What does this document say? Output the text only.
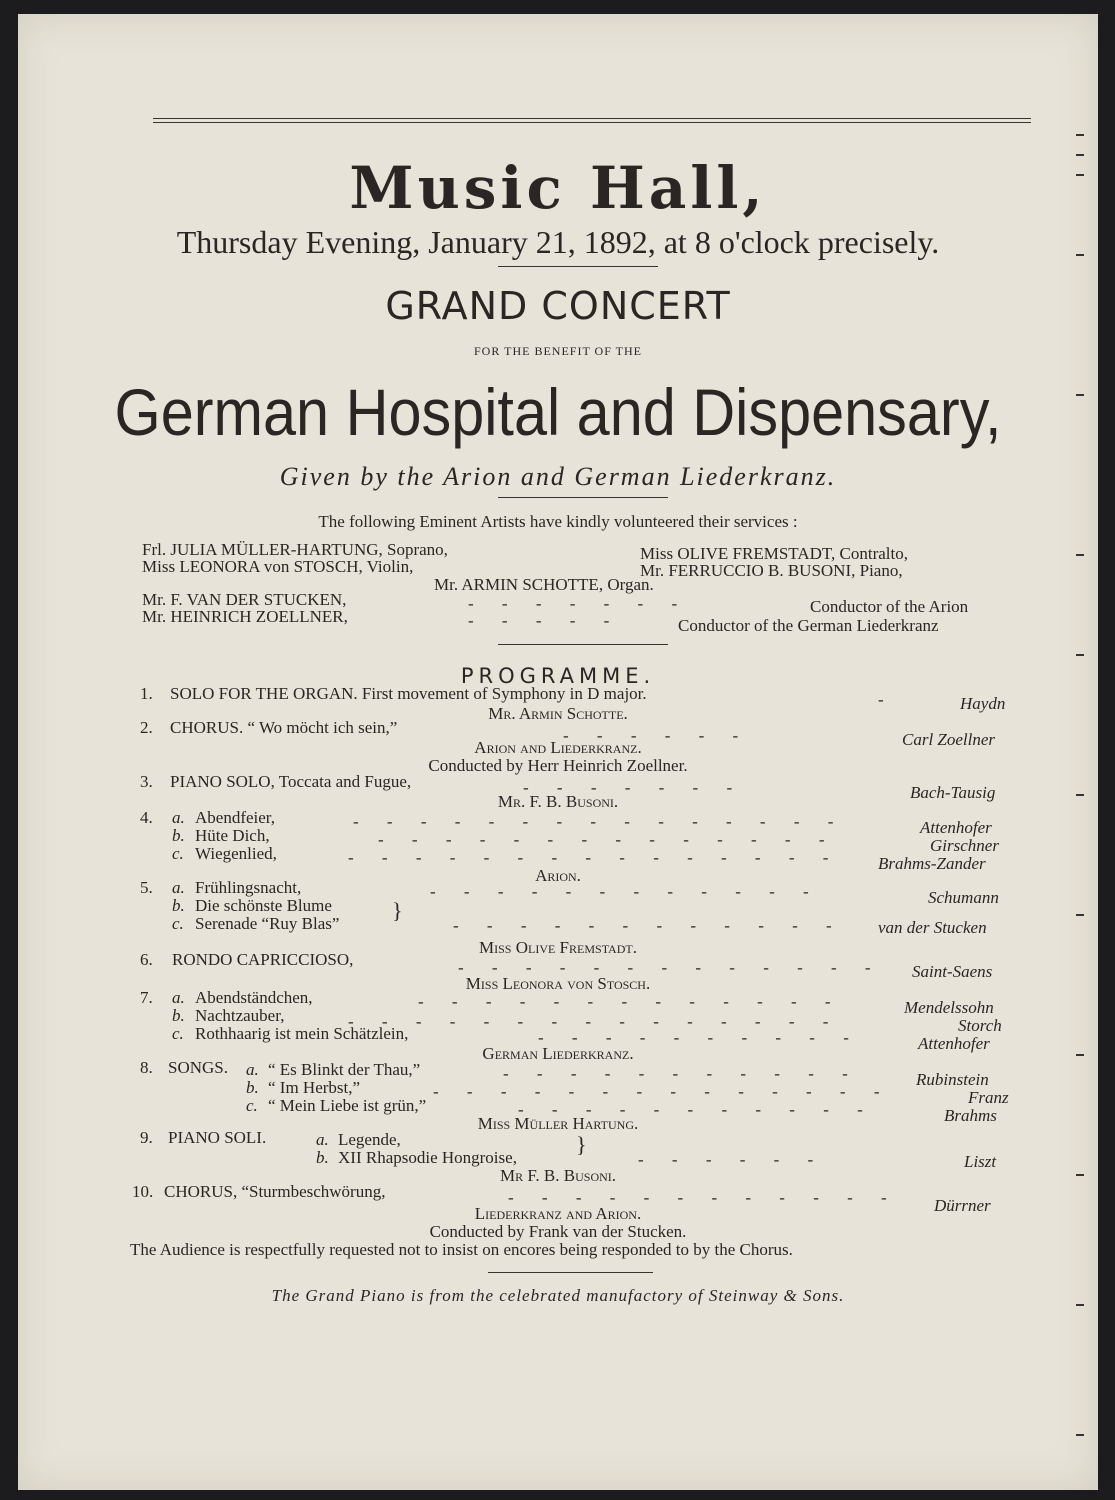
Music Hall,
Thursday Evening, January 21, 1892, at 8 o'clock precisely.
GRAND CONCERT
FOR THE BENEFIT OF THE
German Hospital and Dispensary,
Given by the Arion and German Liederkranz.
The following Eminent Artists have kindly volunteered their services :
Frl. JULIA MÜLLER-HARTUNG, Soprano,	Miss OLIVE FREMSTADT, Contralto,
Miss LEONORA von STOSCH, Violin,	Mr. FERRUCCIO B. BUSONI, Piano,
Mr. ARMIN SCHOTTE, Organ.
Mr. F. VAN DER STUCKEN,	- - - - - - -	Conductor of the Arion
Mr. HEINRICH ZOELLNER,	- - - - -	Conductor of the German Liederkranz
PROGRAMME.
1. SOLO FOR THE ORGAN. First movement of Symphony in D major.	-	Haydn
Mr. Armin Schotte.
2. CHORUS. “ Wo möcht ich sein,”	- - - - - -	Carl Zoellner
Arion and Liederkranz.
Conducted by Herr Heinrich Zoellner.
3. PIANO SOLO, Toccata and Fugue,	- - - - - - -	Bach-Tausig
Mr. F. B. Busoni.
4. a. Abendfeier,	- - - - - - - - - - - - - - -	Attenhofer
b. Hüte Dich,	- - - - - - - - - - - - - -	Girschner
c. Wiegenlied,	- - - - - - - - - - - - - - - Brahms-Zander
Arion.
5. a. Frühlingsnacht,	- - - - - - - - - - - -	Schumann
b. Die schönste Blume	}
c. Serenade “Ruy Blas”	- - - - - - - - - - - - van der Stucken
Miss Olive Fremstadt.
6. RONDO CAPRICCIOSO,	- - - - - - - - - - - - - Saint-Saens
Miss Leonora von Stosch.
7. a. Abendständchen,	- - - - - - - - - - - - -	Mendelssohn
b. Nachtzauber,	- - - - - - - - - - - - - - -	Storch
c. Rothhaarig ist mein Schätzlein,	- - - - - - - - - -	Attenhofer
German Liederkranz.
8. SONGS. a. “ Es Blinkt der Thau,”	- - - - - - - - - - -	Rubinstein
b. “ Im Herbst,”	- - - - - - - - - - - - - -	Franz
c. “ Mein Liebe ist grün,”	- - - - - - - - - - -	Brahms
Miss Müller Hartung.
9. PIANO SOLI.	a. Legende,	}
b. XII Rhapsodie Hongroise,	- - - - - -	Liszt
Mr F. B. Busoni.
10. CHORUS, “Sturmbeschwörung,	- - - - - - - - - - - - Dürrner
Liederkranz and Arion.
Conducted by Frank van der Stucken.
The Audience is respectfully requested not to insist on encores being responded to by the Chorus.
The Grand Piano is from the celebrated manufactory of Steinway & Sons.
